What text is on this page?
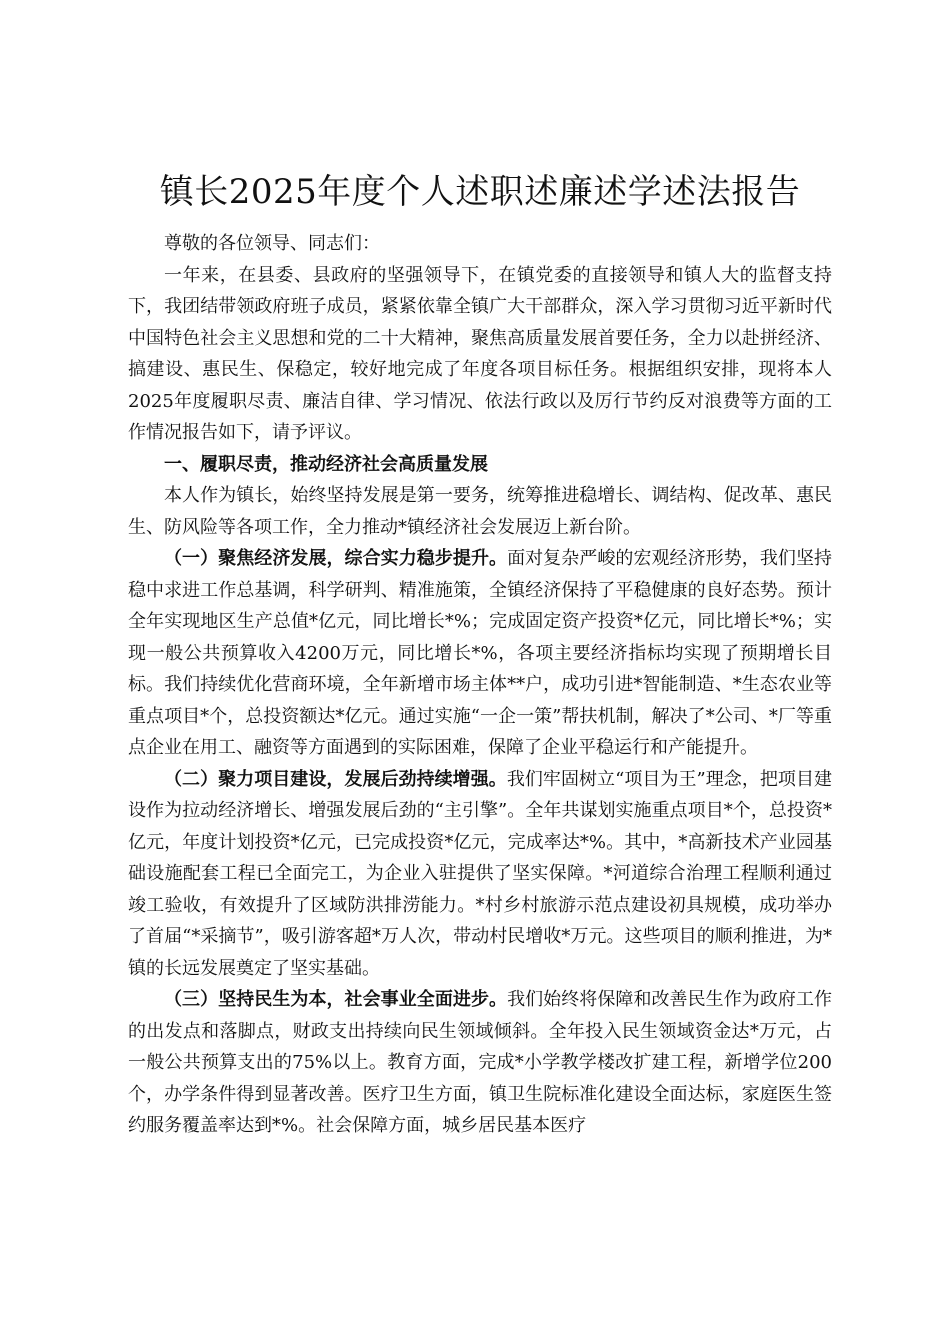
镇长2025年度个人述职述廉述学述法报告

尊敬的各位领导、同志们：

一年来，在县委、县政府的坚强领导下，在镇党委的直接领导和镇人大的监督支持下，我团结带领政府班子成员，紧紧依靠全镇广大干部群众，深入学习贯彻习近平新时代中国特色社会主义思想和党的二十大精神，聚焦高质量发展首要任务，全力以赴拼经济、搞建设、惠民生、保稳定，较好地完成了年度各项目标任务。根据组织安排，现将本人2025年度履职尽责、廉洁自律、学习情况、依法行政以及厉行节约反对浪费等方面的工作情况报告如下，请予评议。

一、履职尽责，推动经济社会高质量发展

本人作为镇长，始终坚持发展是第一要务，统筹推进稳增长、调结构、促改革、惠民生、防风险等各项工作，全力推动*镇经济社会发展迈上新台阶。

（一）聚焦经济发展，综合实力稳步提升。面对复杂严峻的宏观经济形势，我们坚持稳中求进工作总基调，科学研判、精准施策，全镇经济保持了平稳健康的良好态势。预计全年实现地区生产总值*亿元，同比增长*%；完成固定资产投资*亿元，同比增长*%；实现一般公共预算收入4200万元，同比增长*%，各项主要经济指标均实现了预期增长目标。我们持续优化营商环境，全年新增市场主体**户，成功引进*智能制造、*生态农业等重点项目*个，总投资额达*亿元。通过实施“一企一策”帮扶机制，解决了*公司、*厂等重点企业在用工、融资等方面遇到的实际困难，保障了企业平稳运行和产能提升。

（二）聚力项目建设，发展后劲持续增强。我们牢固树立“项目为王”理念，把项目建设作为拉动经济增长、增强发展后劲的“主引擎”。全年共谋划实施重点项目*个，总投资*亿元，年度计划投资*亿元，已完成投资*亿元，完成率达*%。其中，*高新技术产业园基础设施配套工程已全面完工，为企业入驻提供了坚实保障。*河道综合治理工程顺利通过竣工验收，有效提升了区域防洪排涝能力。*村乡村旅游示范点建设初具规模，成功举办了首届“*采摘节”，吸引游客超*万人次，带动村民增收*万元。这些项目的顺利推进，为*镇的长远发展奠定了坚实基础。

（三）坚持民生为本，社会事业全面进步。我们始终将保障和改善民生作为政府工作的出发点和落脚点，财政支出持续向民生领域倾斜。全年投入民生领域资金达*万元，占一般公共预算支出的75%以上。教育方面，完成*小学教学楼改扩建工程，新增学位200个，办学条件得到显著改善。医疗卫生方面，镇卫生院标准化建设全面达标，家庭医生签约服务覆盖率达到*%。社会保障方面，城乡居民基本医疗
